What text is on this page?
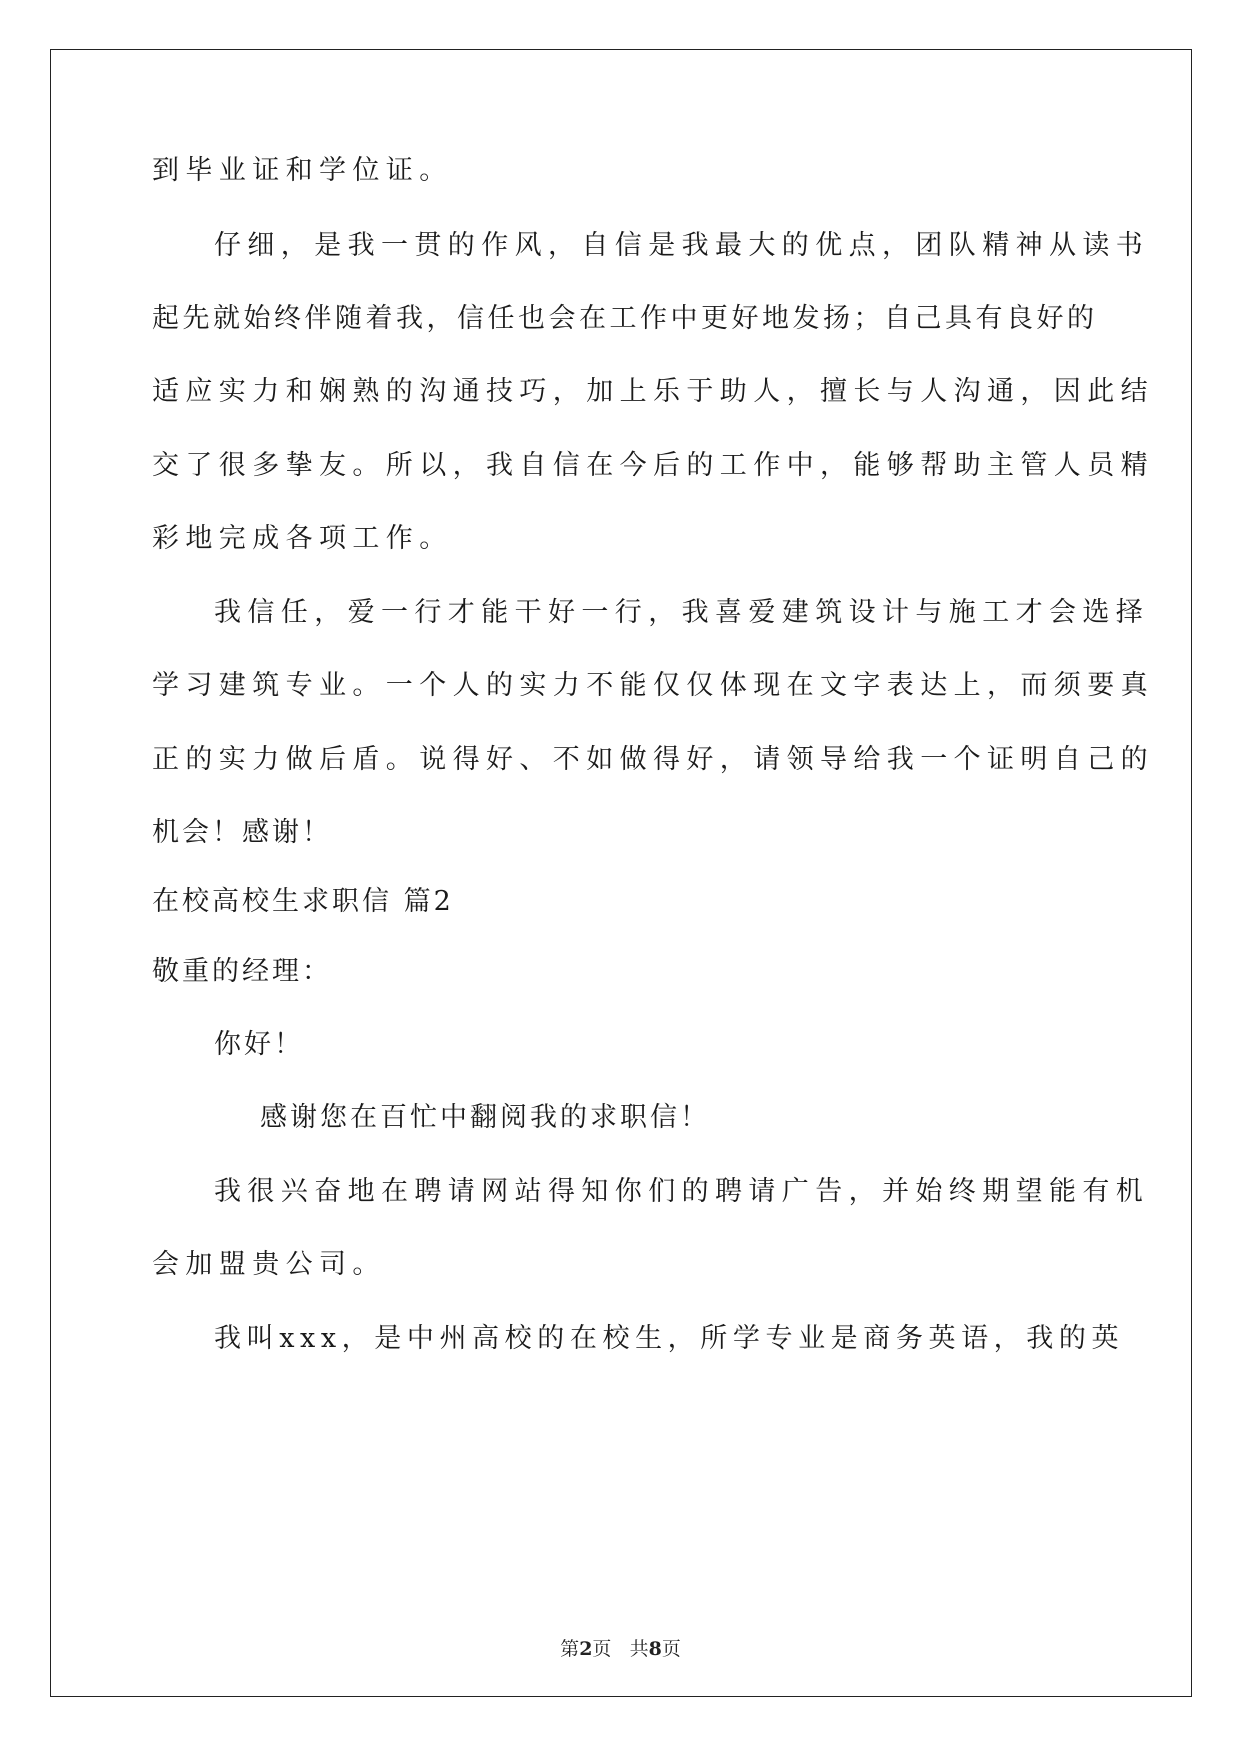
到毕业证和学位证。
仔细，是我一贯的作风，自信是我最大的优点，团队精神从读书
起先就始终伴随着我，信任也会在工作中更好地发扬；自己具有良好的
适应实力和娴熟的沟通技巧，加上乐于助人，擅长与人沟通，因此结
交了很多挚友。所以，我自信在今后的工作中，能够帮助主管人员精
彩地完成各项工作。
我信任，爱一行才能干好一行，我喜爱建筑设计与施工才会选择
学习建筑专业。一个人的实力不能仅仅体现在文字表达上，而须要真
正的实力做后盾。说得好、不如做得好，请领导给我一个证明自己的
机会！感谢！
在校高校生求职信 篇2
敬重的经理：
你好！
感谢您在百忙中翻阅我的求职信！
我很兴奋地在聘请网站得知你们的聘请广告，并始终期望能有机
会加盟贵公司。
我叫xxx，是中州高校的在校生，所学专业是商务英语，我的英
第2页 共8页
